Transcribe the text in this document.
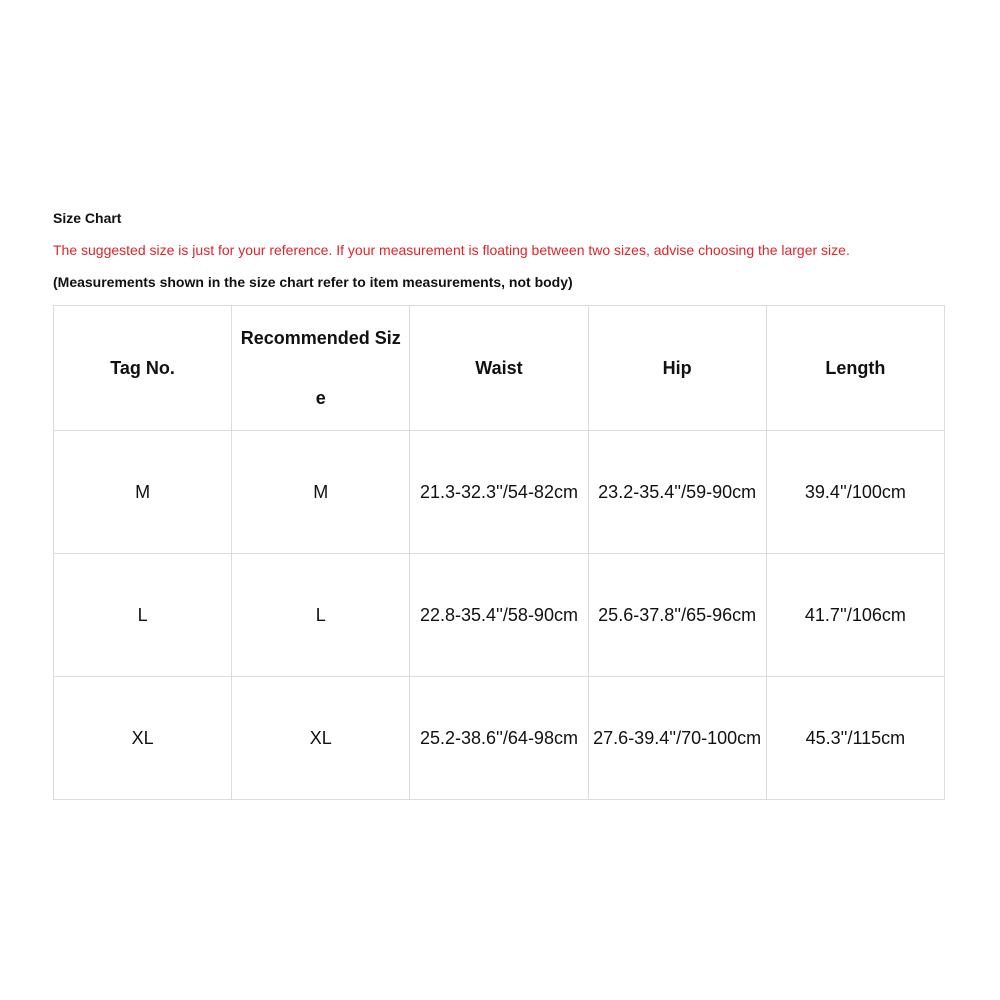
Size Chart
The suggested size is just for your reference. If your measurement is floating between two sizes, advise choosing the larger size.
(Measurements shown in the size chart refer to item measurements, not body)
Tag No.	Recommended Size	Waist	Hip	Length
M	M	21.3-32.3''/54-82cm	23.2-35.4''/59-90cm	39.4''/100cm
L	L	22.8-35.4''/58-90cm	25.6-37.8''/65-96cm	41.7''/106cm
XL	XL	25.2-38.6''/64-98cm	27.6-39.4''/70-100cm	45.3''/115cm
